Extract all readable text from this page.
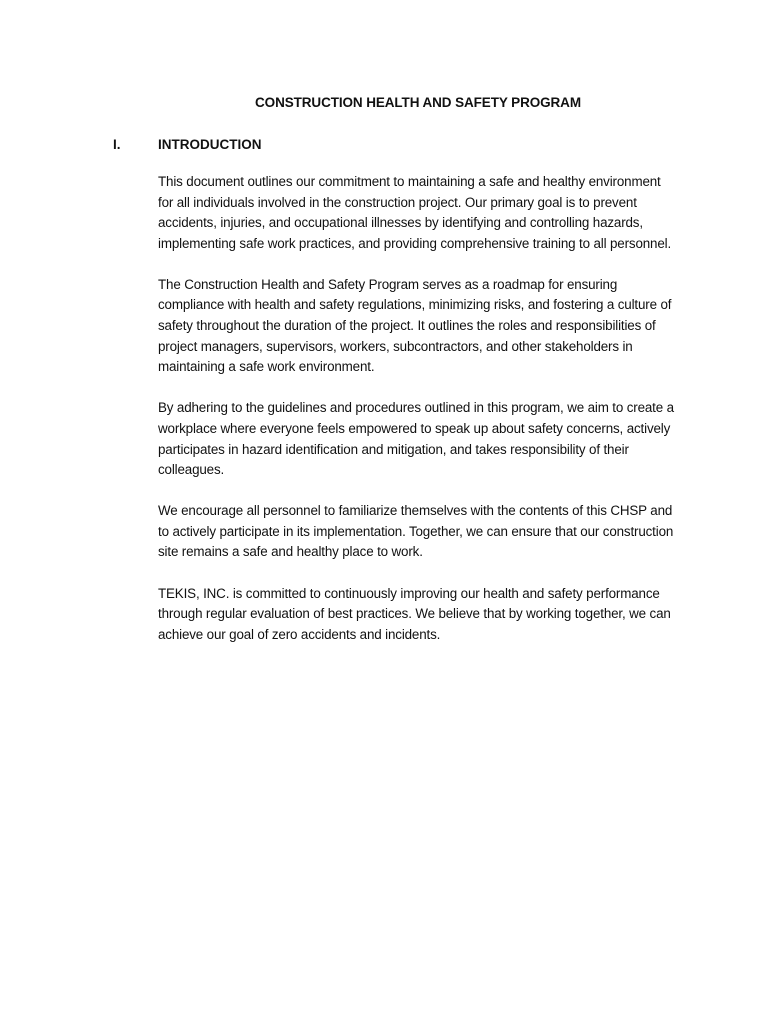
CONSTRUCTION HEALTH AND SAFETY PROGRAM
I.	INTRODUCTION

This document outlines our commitment to maintaining a safe and healthy environment for all individuals involved in the construction project. Our primary goal is to prevent accidents, injuries, and occupational illnesses by identifying and controlling hazards, implementing safe work practices, and providing comprehensive training to all personnel.

The Construction Health and Safety Program serves as a roadmap for ensuring compliance with health and safety regulations, minimizing risks, and fostering a culture of safety throughout the duration of the project. It outlines the roles and responsibilities of project managers, supervisors, workers, subcontractors, and other stakeholders in maintaining a safe work environment.

By adhering to the guidelines and procedures outlined in this program, we aim to create a workplace where everyone feels empowered to speak up about safety concerns, actively participates in hazard identification and mitigation, and takes responsibility of their colleagues.

We encourage all personnel to familiarize themselves with the contents of this CHSP and to actively participate in its implementation. Together, we can ensure that our construction site remains a safe and healthy place to work.

TEKIS, INC. is committed to continuously improving our health and safety performance through regular evaluation of best practices. We believe that by working together, we can achieve our goal of zero accidents and incidents.
